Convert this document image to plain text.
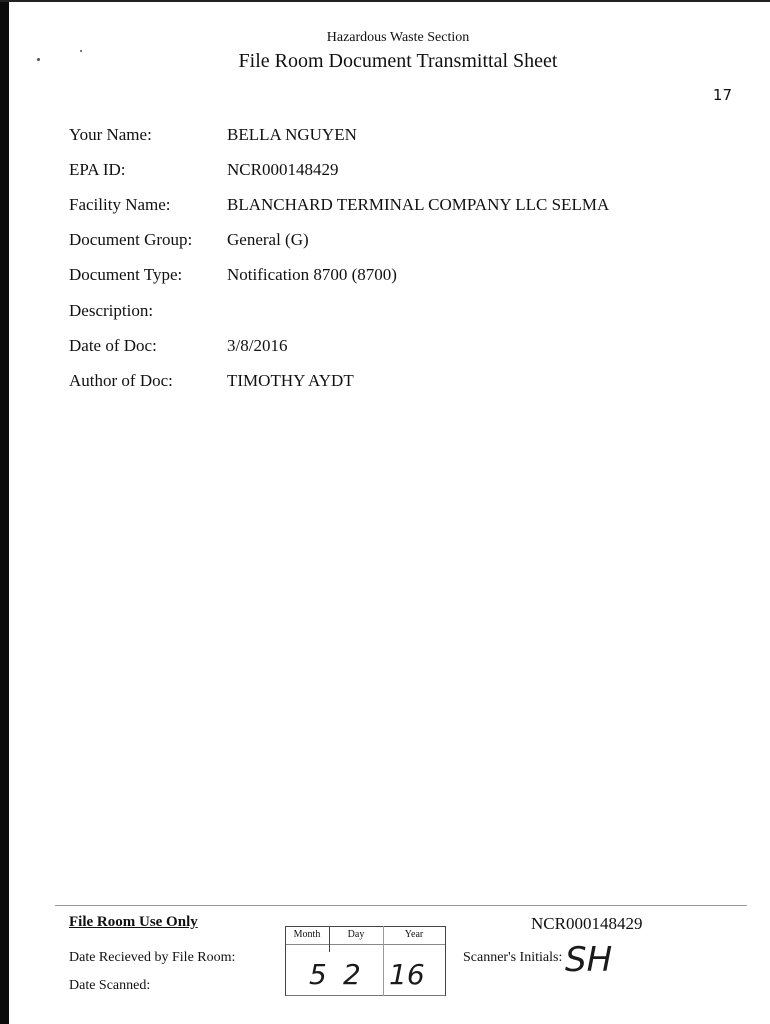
Hazardous Waste Section
File Room Document Transmittal Sheet
17
Your Name:	BELLA NGUYEN
EPA ID:	NCR000148429
Facility Name:	BLANCHARD TERMINAL COMPANY LLC SELMA
Document Group: General (G)
Document Type:	Notification 8700 (8700)
Description:
Date of Doc:	3/8/2016
Author of Doc:	TIMOTHY AYDT
File Room Use Only
Date Recieved by File Room:
Date Scanned:
Month	Day	Year
5 2 16
NCR000148429
Scanner's Initials: SH
